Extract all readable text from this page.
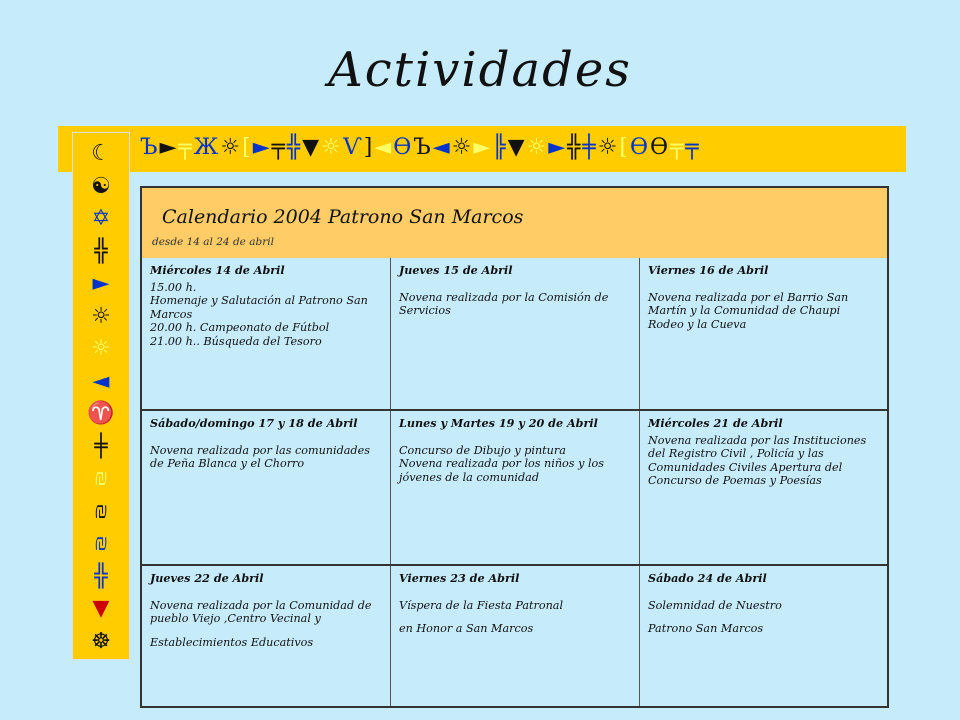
Actividades
Ъ ► ╤ Ж ☼ [ ► ╤ ╬ ▼ ☼ Ѵ ] ◄ Ѳ Ъ ◄ ☼ ► ╠ ▼ ☼ ► ╬ ╪ ☼ [ Ѳ Ѳ ╤ ╤
☾
☯
✡
╬
►
☼
☼
◄
♈
╪
₪
₪
₪
╬
▼
☸
Calendario 2004 Patrono San Marcos
desde 14 al 24 de abril
Miércoles 14 de Abril
15.00 h.
Homenaje y Salutación al Patrono San Marcos
20.00 h. Campeonato de Fútbol
21.00 h.. Búsqueda del Tesoro
Jueves 15 de Abril
Novena realizada por la Comisión de Servicios
Viernes 16 de Abril
Novena realizada por el Barrio San Martín y la Comunidad de Chaupi Rodeo y la Cueva
Sábado/domingo 17 y 18 de Abril
Novena realizada por las comunidades de Peña Blanca y el Chorro
Lunes y Martes 19 y 20 de Abril
Concurso de Dibujo y pintura
Novena realizada por los niños y los jóvenes de la comunidad
Miércoles 21 de Abril
Novena realizada por las Instituciones del Registro Civil , Policía y las Comunidades Civiles Apertura del Concurso de Poemas y Poesías
Jueves 22 de Abril
Novena realizada por la Comunidad de pueblo Viejo ,Centro Vecinal y
Establecimientos Educativos
Viernes 23 de Abril
Víspera de la Fiesta Patronal
en Honor a San Marcos
Sábado 24 de Abril
Solemnidad de Nuestro
Patrono San Marcos
